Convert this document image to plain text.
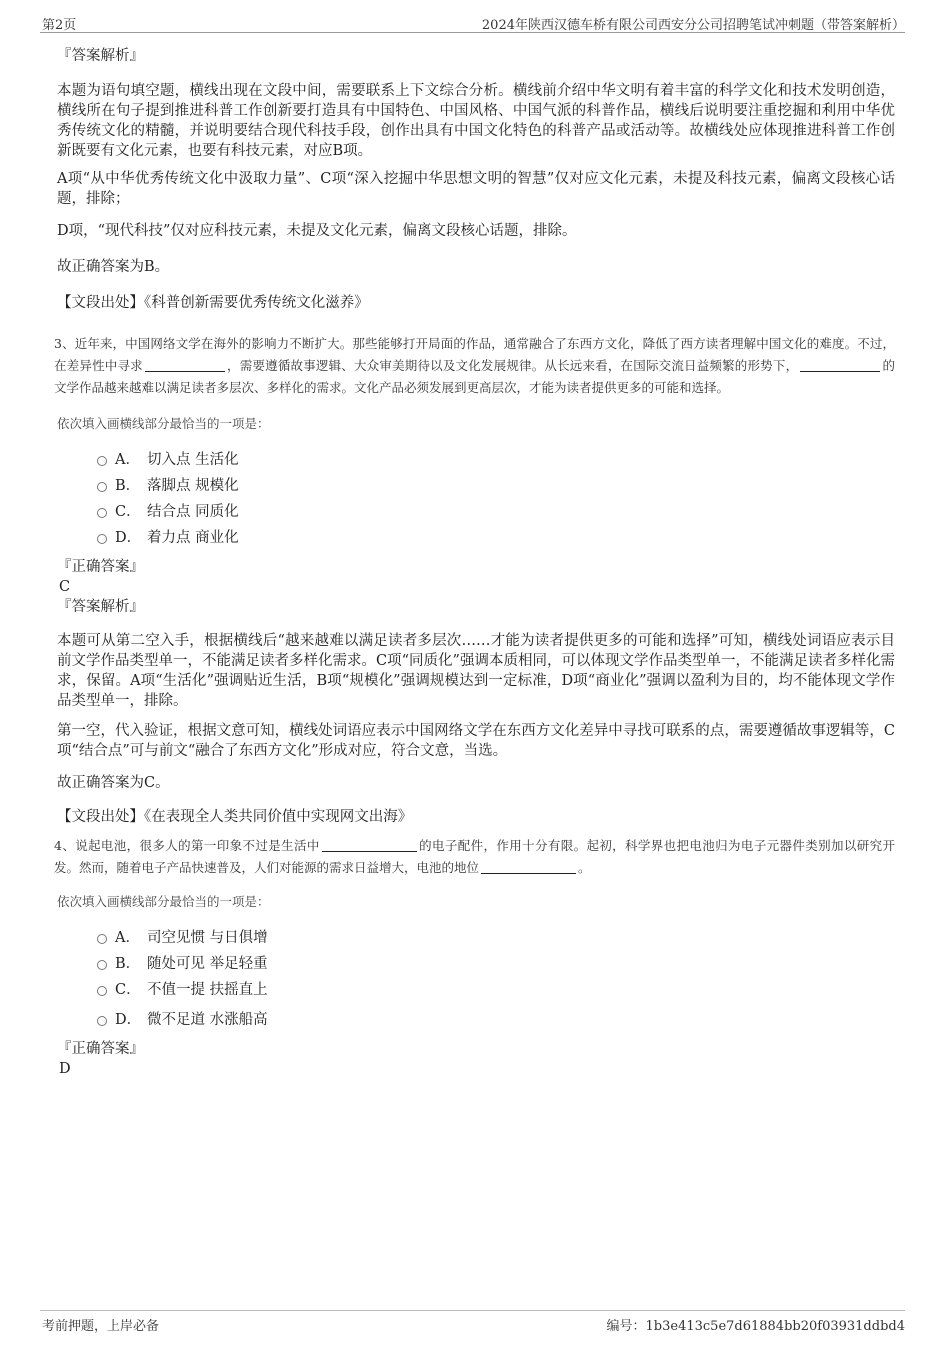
第2页	2024年陕西汉德车桥有限公司西安分公司招聘笔试冲刺题（带答案解析）
『答案解析』

本题为语句填空题，横线出现在文段中间，需要联系上下文综合分析。横线前介绍中华文明有着丰富的科学文化和技术发明创造，横线所在句子提到推进科普工作创新要打造具有中国特色、中国风格、中国气派的科普作品，横线后说明要注重挖掘和利用中华优秀传统文化的精髓，并说明要结合现代科技手段，创作出具有中国文化特色的科普产品或活动等。故横线处应体现推进科普工作创新既要有文化元素，也要有科技元素，对应B项。

A项“从中华优秀传统文化中汲取力量”、C项“深入挖掘中华思想文明的智慧”仅对应文化元素，未提及科技元素，偏离文段核心话题，排除；

D项，“现代科技”仅对应科技元素，未提及文化元素，偏离文段核心话题，排除。

故正确答案为B。

【文段出处】《科普创新需要优秀传统文化滋养》

3、近年来，中国网络文学在海外的影响力不断扩大。那些能够打开局面的作品，通常融合了东西方文化，降低了西方读者理解中国文化的难度。不过，在差异性中寻求	，需要遵循故事逻辑、大众审美期待以及文化发展规律。从长远来看，在国际交流日益频繁的形势下，	的文学作品越来越难以满足读者多层次、多样化的需求。文化产品必须发展到更高层次，才能为读者提供更多的可能和选择。

依次填入画横线部分最恰当的一项是：

A． 切入点 生活化
B． 落脚点 规模化
C． 结合点 同质化
D． 着力点 商业化
『正确答案』
C
『答案解析』

本题可从第二空入手，根据横线后“越来越难以满足读者多层次……才能为读者提供更多的可能和选择”可知，横线处词语应表示目前文学作品类型单一，不能满足读者多样化需求。C项“同质化”强调本质相同，可以体现文学作品类型单一，不能满足读者多样化需求，保留。A项“生活化”强调贴近生活，B项“规模化”强调规模达到一定标准，D项“商业化”强调以盈利为目的，均不能体现文学作品类型单一，排除。

第一空，代入验证，根据文意可知，横线处词语应表示中国网络文学在东西方文化差异中寻找可联系的点，需要遵循故事逻辑等，C项“结合点”可与前文“融合了东西方文化”形成对应，符合文意，当选。

故正确答案为C。

【文段出处】《在表现全人类共同价值中实现网文出海》

4、说起电池，很多人的第一印象不过是生活中	的电子配件，作用十分有限。起初，科学界也把电池归为电子元器件类别加以研究开发。然而，随着电子产品快速普及，人们对能源的需求日益增大，电池的地位	。

依次填入画横线部分最恰当的一项是：

A． 司空见惯 与日俱增
B． 随处可见 举足轻重
C． 不值一提 扶摇直上
D． 微不足道 水涨船高
『正确答案』
D
考前押题，上岸必备	编号：1b3e413c5e7d61884bb20f03931ddbd4
